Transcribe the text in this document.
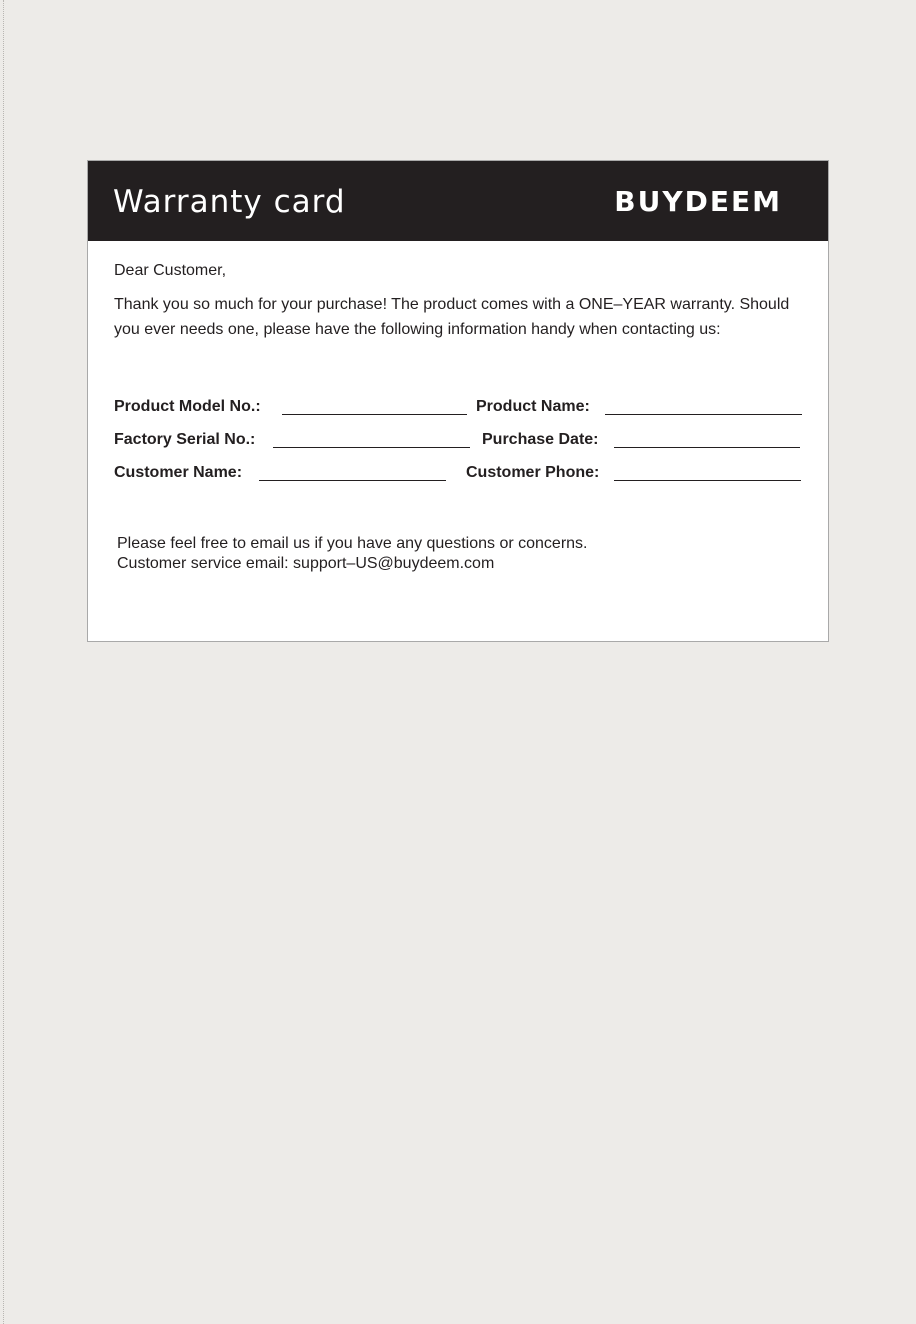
Warranty card	BUYDEEM
Dear Customer,
Thank you so much for your purchase! The product comes with a ONE–YEAR warranty. Should you ever needs one, please have the following information handy when contacting us:
Product Model No.:	Product Name:
Factory Serial No.:	Purchase Date:
Customer Name:	Customer Phone:
Please feel free to email us if you have any questions or concerns.
Customer service email: support–US@buydeem.com
